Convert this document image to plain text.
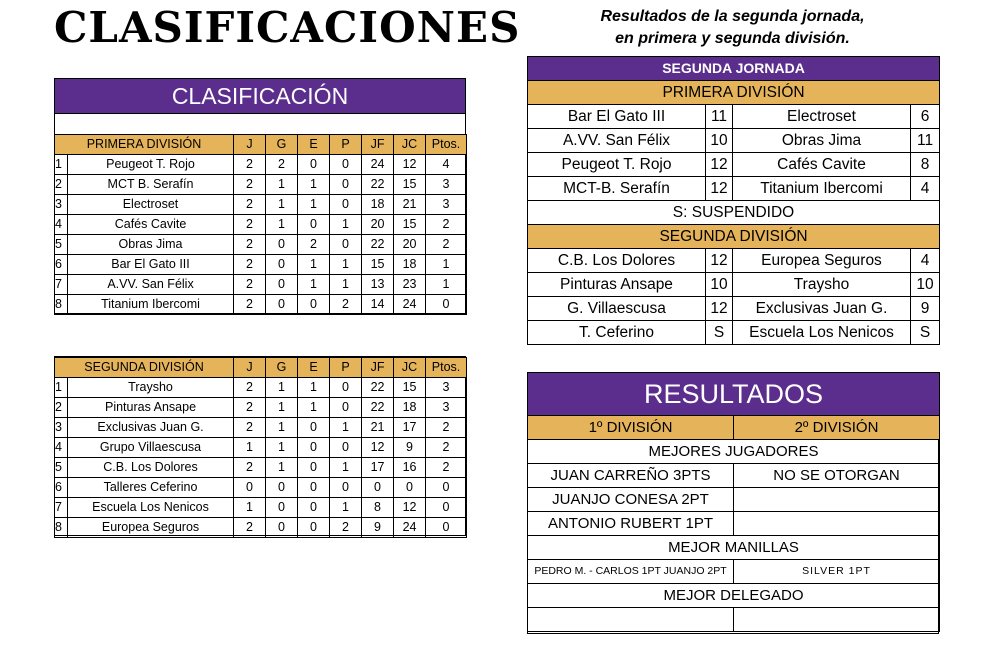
CLASIFICACIONES	Resultados de la segunda jornada,
en primera y segunda división.
CLASIFICACIÓN
PRIMERA DIVISIÓN		J	G	E	P	JF	JC	Ptos.
1	Peugeot T. Rojo	2	2	0	0	24	12	4
2	MCT B. Serafín	2	1	1	0	22	15	3
3	Electroset	2	1	1	0	18	21	3
4	Cafés Cavite	2	1	0	1	20	15	2
5	Obras Jima	2	0	2	0	22	20	2
6	Bar El Gato III	2	0	1	1	15	18	1
7	A.VV. San Félix	2	0	1	1	13	23	1
8	Titanium Ibercomi	2	0	0	2	14	24	0
SEGUNDA DIVISIÓN		J	G	E	P	JF	JC	Ptos.
1	Traysho	2	1	1	0	22	15	3
2	Pinturas Ansape	2	1	1	0	22	18	3
3	Exclusivas Juan G.	2	1	0	1	21	17	2
4	Grupo Villaescusa	1	1	0	0	12	9	2
5	C.B. Los Dolores	2	1	0	1	17	16	2
6	Talleres Ceferino	0	0	0	0	0	0	0
7	Escuela Los Nenicos	1	0	0	1	8	12	0
8	Europea Seguros	2	0	0	2	9	24	0
SEGUNDA JORNADA			
PRIMERA DIVISIÓN			
Bar El Gato III	11	Electroset	6
A.VV. San Félix	10	Obras Jima	11
Peugeot T. Rojo	12	Cafés Cavite	8
MCT-B. Serafín	12	Titanium Ibercomi	4
S: SUSPENDIDO			
SEGUNDA DIVISIÓN			
C.B. Los Dolores	12	Europea Seguros	4
Pinturas Ansape	10	Traysho	10
G. Villaescusa	12	Exclusivas Juan G.	9
T. Ceferino	S	Escuela Los Nenicos	S
RESULTADOS	
1º DIVISIÓN	2º DIVISIÓN
MEJORES JUGADORES	
JUAN CARREÑO 3PTS	NO SE OTORGAN
JUANJO CONESA 2PT	
ANTONIO RUBERT 1PT	
MEJOR MANILLAS	
PEDRO M. - CARLOS 1PT JUANJO 2PT	SILVER 1PT
MEJOR DELEGADO	
